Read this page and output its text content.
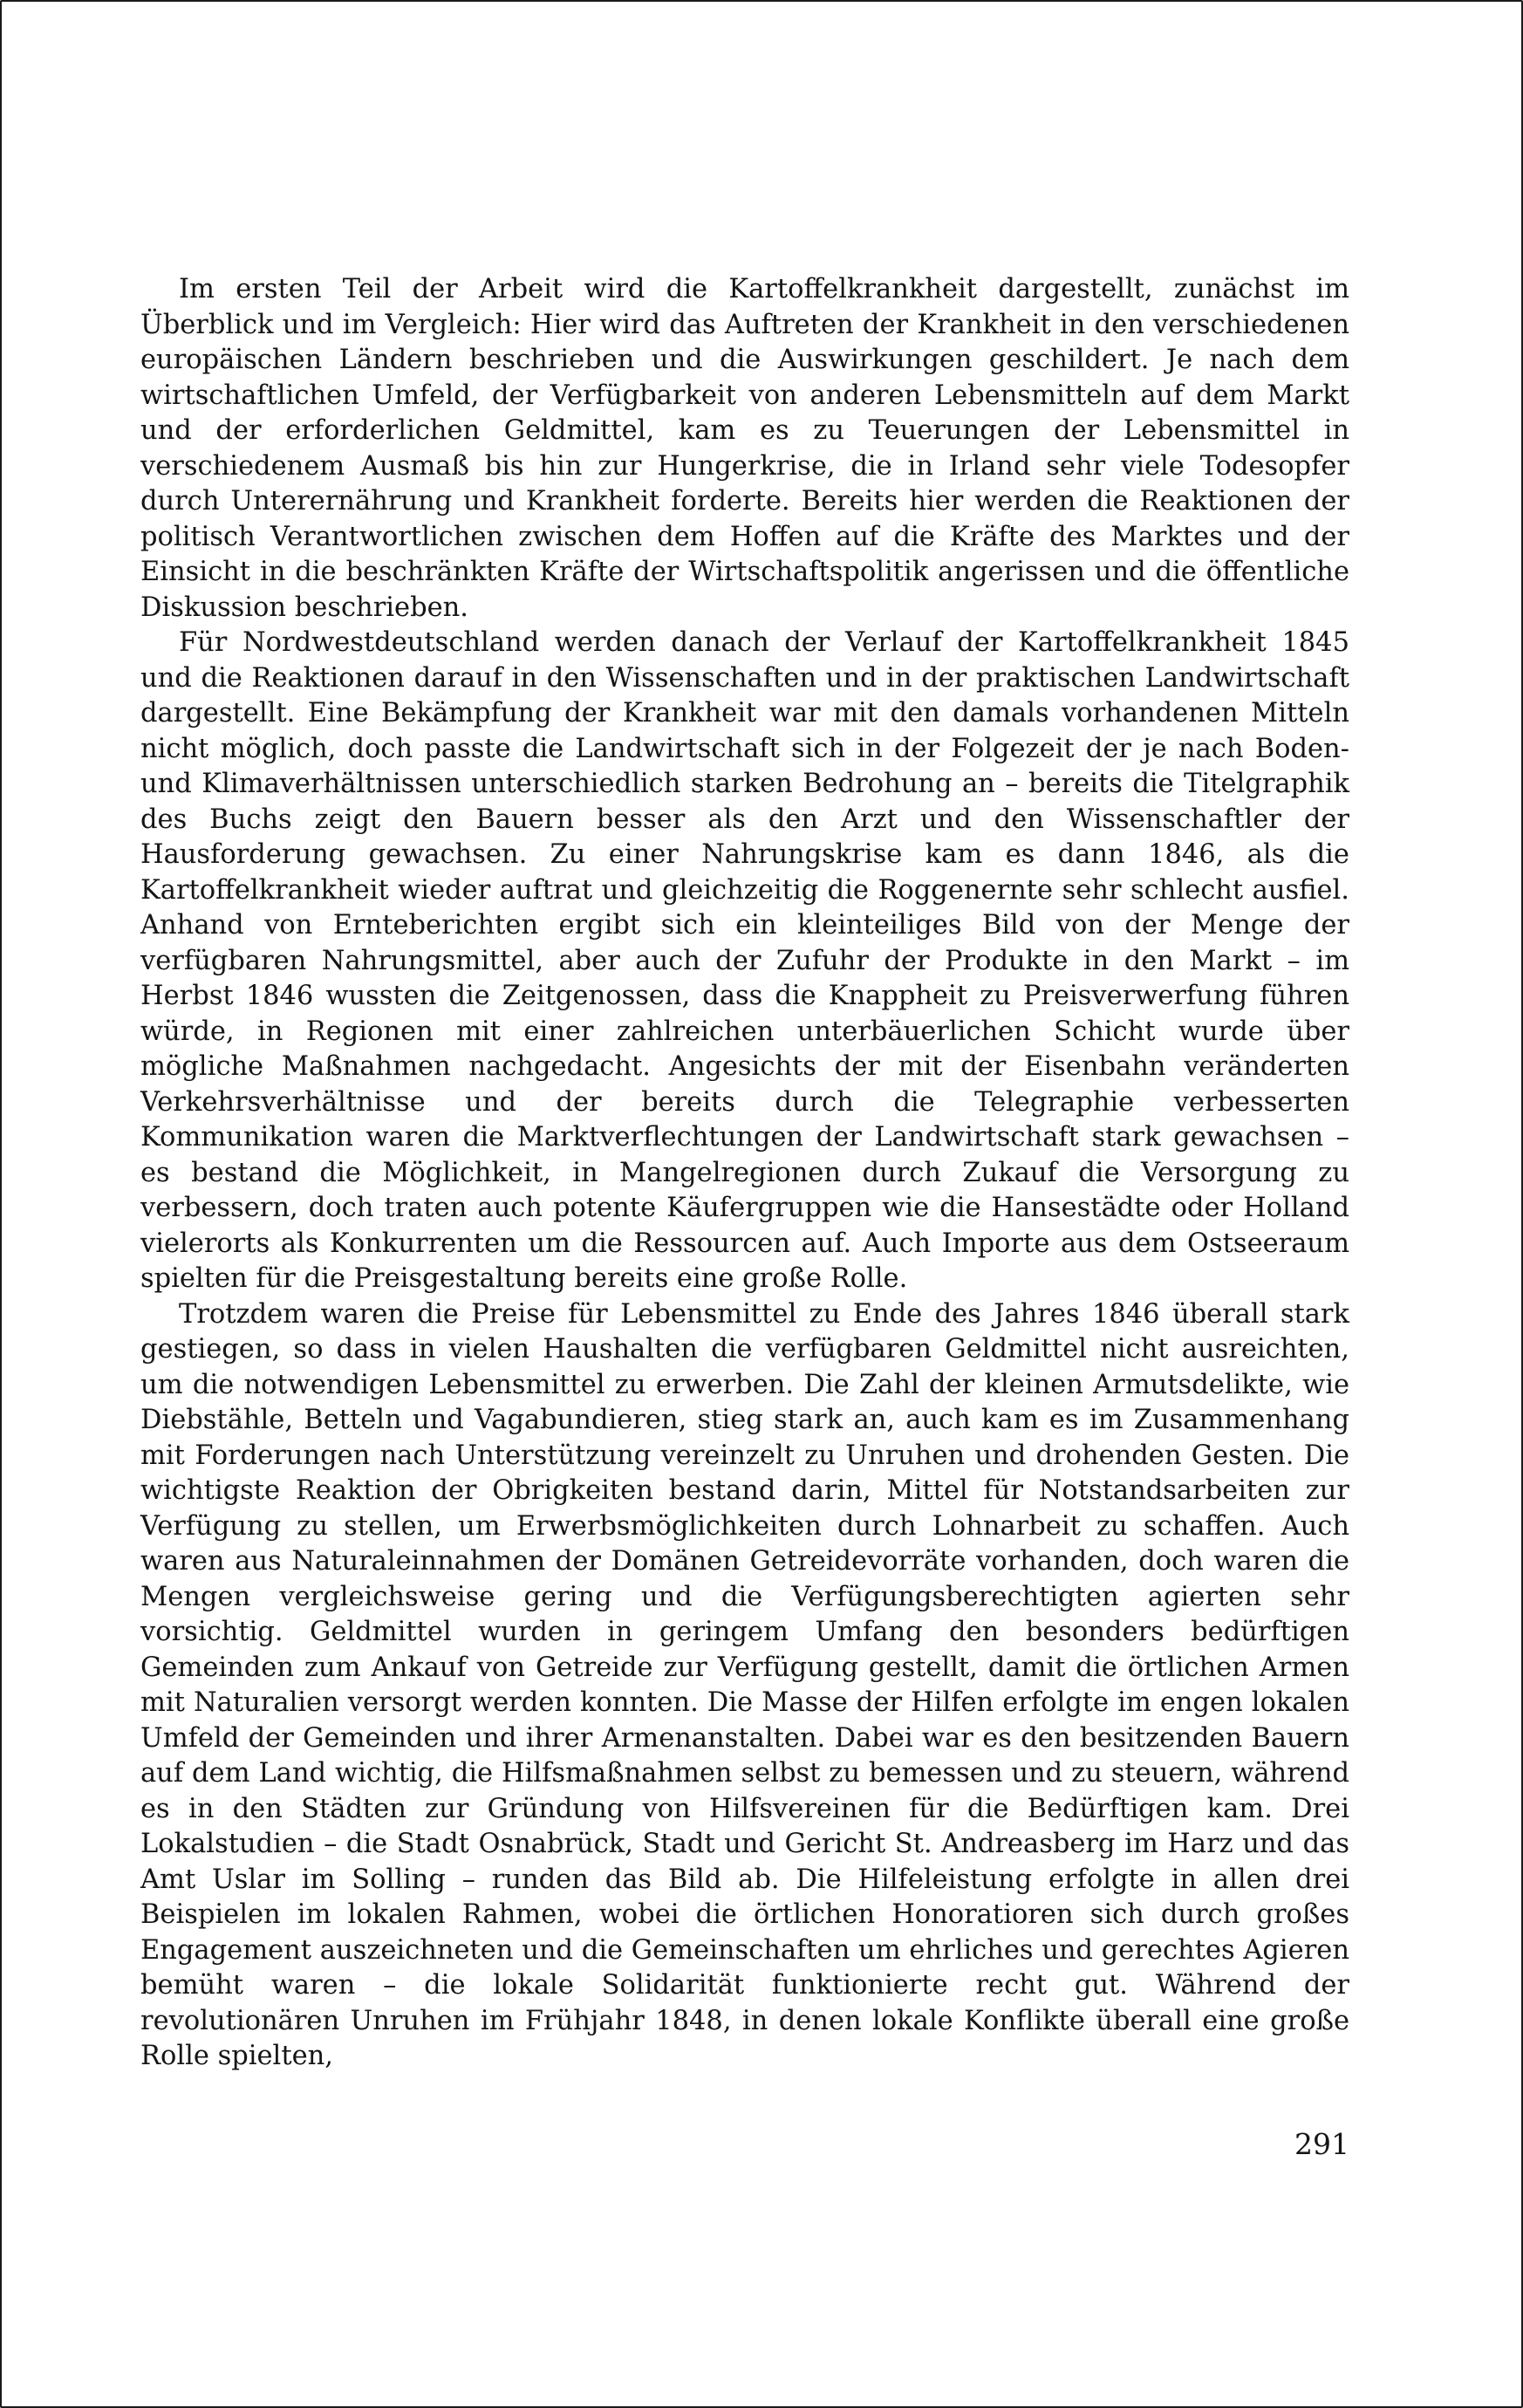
Im ersten Teil der Arbeit wird die Kartoffelkrankheit dargestellt, zunächst im Überblick und im Vergleich: Hier wird das Auftreten der Krankheit in den verschiedenen europäischen Ländern beschrieben und die Auswirkungen geschildert. Je nach dem wirtschaftlichen Umfeld, der Verfügbarkeit von anderen Lebensmitteln auf dem Markt und der erforderlichen Geldmittel, kam es zu Teuerungen der Lebensmittel in verschiedenem Ausmaß bis hin zur Hungerkrise, die in Irland sehr viele Todesopfer durch Unterernährung und Krankheit forderte. Bereits hier werden die Reaktionen der politisch Verantwortlichen zwischen dem Hoffen auf die Kräfte des Marktes und der Einsicht in die beschränkten Kräfte der Wirtschaftspolitik angerissen und die öffentliche Diskussion beschrieben.

Für Nordwestdeutschland werden danach der Verlauf der Kartoffelkrankheit 1845 und die Reaktionen darauf in den Wissenschaften und in der praktischen Landwirtschaft dargestellt. Eine Bekämpfung der Krankheit war mit den damals vorhandenen Mitteln nicht möglich, doch passte die Landwirtschaft sich in der Folgezeit der je nach Boden- und Klimaverhältnissen unterschiedlich starken Bedrohung an – bereits die Titelgraphik des Buchs zeigt den Bauern besser als den Arzt und den Wissenschaftler der Hausforderung gewachsen. Zu einer Nahrungskrise kam es dann 1846, als die Kartoffelkrankheit wieder auftrat und gleichzeitig die Roggenernte sehr schlecht ausfiel. Anhand von Ernteberichten ergibt sich ein kleinteiliges Bild von der Menge der verfügbaren Nahrungsmittel, aber auch der Zufuhr der Produkte in den Markt – im Herbst 1846 wussten die Zeitgenossen, dass die Knappheit zu Preisverwerfung führen würde, in Regionen mit einer zahlreichen unterbäuerlichen Schicht wurde über mögliche Maßnahmen nachgedacht. Angesichts der mit der Eisenbahn veränderten Verkehrsverhältnisse und der bereits durch die Telegraphie verbesserten Kommunikation waren die Marktverflechtungen der Landwirtschaft stark gewachsen – es bestand die Möglichkeit, in Mangelregionen durch Zukauf die Versorgung zu verbessern, doch traten auch potente Käufergruppen wie die Hansestädte oder Holland vielerorts als Konkurrenten um die Ressourcen auf. Auch Importe aus dem Ostseeraum spielten für die Preisgestaltung bereits eine große Rolle.

Trotzdem waren die Preise für Lebensmittel zu Ende des Jahres 1846 überall stark gestiegen, so dass in vielen Haushalten die verfügbaren Geldmittel nicht ausreichten, um die notwendigen Lebensmittel zu erwerben. Die Zahl der kleinen Armutsdelikte, wie Diebstähle, Betteln und Vagabundieren, stieg stark an, auch kam es im Zusammenhang mit Forderungen nach Unterstützung vereinzelt zu Unruhen und drohenden Gesten. Die wichtigste Reaktion der Obrigkeiten bestand darin, Mittel für Notstandsarbeiten zur Verfügung zu stellen, um Erwerbsmöglichkeiten durch Lohnarbeit zu schaffen. Auch waren aus Naturaleinnahmen der Domänen Getreidevorräte vorhanden, doch waren die Mengen vergleichsweise gering und die Verfügungsberechtigten agierten sehr vorsichtig. Geldmittel wurden in geringem Umfang den besonders bedürftigen Gemeinden zum Ankauf von Getreide zur Verfügung gestellt, damit die örtlichen Armen mit Naturalien versorgt werden konnten. Die Masse der Hilfen erfolgte im engen lokalen Umfeld der Gemeinden und ihrer Armenanstalten. Dabei war es den besitzenden Bauern auf dem Land wichtig, die Hilfsmaßnahmen selbst zu bemessen und zu steuern, während es in den Städten zur Gründung von Hilfsvereinen für die Bedürftigen kam. Drei Lokalstudien – die Stadt Osnabrück, Stadt und Gericht St. Andreasberg im Harz und das Amt Uslar im Solling – runden das Bild ab. Die Hilfeleistung erfolgte in allen drei Beispielen im lokalen Rahmen, wobei die örtlichen Honoratioren sich durch großes Engagement auszeichneten und die Gemeinschaften um ehrliches und gerechtes Agieren bemüht waren – die lokale Solidarität funktionierte recht gut. Während der revolutionären Unruhen im Frühjahr 1848, in denen lokale Konflikte überall eine große Rolle spielten,

291
